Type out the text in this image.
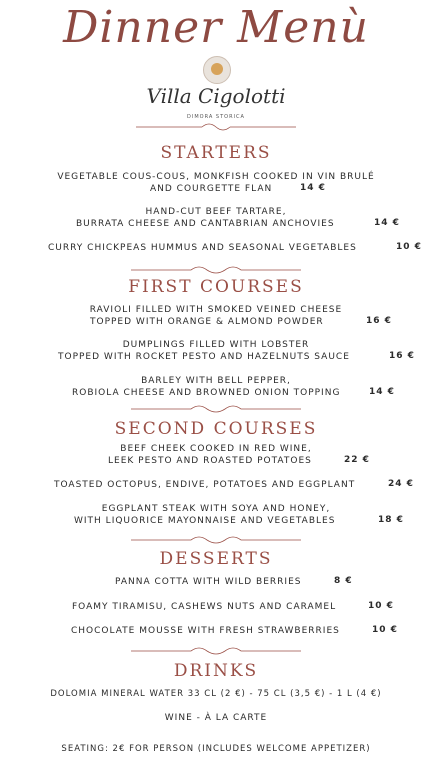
Dinner Menù
Villa Cigolotti
DIMORA STORICA
STARTERS
VEGETABLE COUS-COUS, MONKFISH COOKED IN VIN BRULÉ
AND COURGETTE FLAN	14 €
HAND-CUT BEEF TARTARE,
BURRATA CHEESE AND CANTABRIAN ANCHOVIES	14 €
CURRY CHICKPEAS HUMMUS AND SEASONAL VEGETABLES	10 €
FIRST COURSES
RAVIOLI FILLED WITH SMOKED VEINED CHEESE
TOPPED WITH ORANGE & ALMOND POWDER	16 €
DUMPLINGS FILLED WITH LOBSTER
TOPPED WITH ROCKET PESTO AND HAZELNUTS SAUCE	16 €
BARLEY WITH BELL PEPPER,
ROBIOLA CHEESE AND BROWNED ONION TOPPING	14 €
SECOND COURSES
BEEF CHEEK COOKED IN RED WINE,
LEEK PESTO AND ROASTED POTATOES	22 €
TOASTED OCTOPUS, ENDIVE, POTATOES AND EGGPLANT	24 €
EGGPLANT STEAK WITH SOYA AND HONEY,
WITH LIQUORICE MAYONNAISE AND VEGETABLES	18 €
DESSERTS
PANNA COTTA WITH WILD BERRIES	8 €
FOAMY TIRAMISU, CASHEWS NUTS AND CARAMEL	10 €
CHOCOLATE MOUSSE WITH FRESH STRAWBERRIES	10 €
DRINKS
DOLOMIA MINERAL WATER 33 CL (2 €) - 75 CL (3,5 €) - 1 L (4 €)
WINE - À LA CARTE
SEATING: 2€ FOR PERSON (INCLUDES WELCOME APPETIZER)
